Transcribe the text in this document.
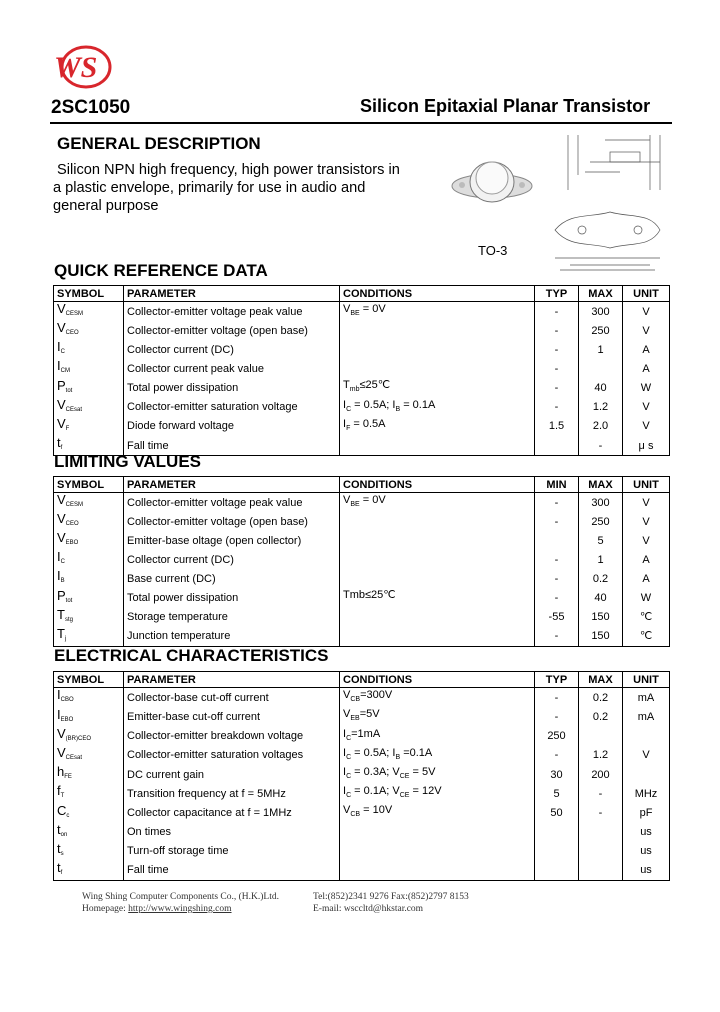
WS
2SC1050	Silicon Epitaxial Planar Transistor
GENERAL DESCRIPTION

Silicon NPN high frequency, high power transistors in

a plastic envelope, primarily for use in audio and

general purpose

TO-3
QUICK REFERENCE DATA
SYMBOL	PARAMETER	CONDITIONS	TYP	MAX	UNIT
$V_{CESM}$	Collector-emitter voltage peak value	$V_{BE} = 0V$	-	300	V
$V_{CEO}$	Collector-emitter voltage (open base)		-	250	V
$I_C$	Collector current (DC)		-	1	A
$I_{CM}$	Collector current peak value		-		A
$P_{tot}$	Total power dissipation	$T_{mb}\le 25℃$	-	40	W
$V_{CEsat}$	Collector-emitter saturation voltage	$I_C = 0.5A$; $I_B = 0.1A$	-	1.2	V
$V_F$	Diode forward voltage	$I_F = 0.5A$	1.5	2.0	V
$t_f$	Fall time			-	μ s
LIMITING VALUES
SYMBOL	PARAMETER	CONDITIONS	MIN	MAX	UNIT
$V_{CESM}$	Collector-emitter voltage peak value	$V_{BE} = 0V$	-	300	V
$V_{CEO}$	Collector-emitter voltage (open base)		-	250	V
$V_{EBO}$	Emitter-base oltage (open collector)			5	V
$I_C$	Collector current (DC)		-	1	A
$I_B$	Base current (DC)		-	0.2	A
$P_{tot}$	Total power dissipation	Tmb≤25℃	-	40	W
$T_{stg}$	Storage temperature		-55	150	℃
$T_j$	Junction temperature		-	150	℃
ELECTRICAL CHARACTERISTICS
SYMBOL	PARAMETER	CONDITIONS	TYP	MAX	UNIT
$I_{CBO}$	Collector-base cut-off current	$V_{CB}=300V$	-	0.2	mA
$I_{EBO}$	Emitter-base cut-off current	$V_{EB}=5V$	-	0.2	mA
$V_{(BR)CEO}$	Collector-emitter breakdown voltage	$I_C=1mA$	250		
$V_{CEsat}$	Collector-emitter saturation voltages	$I_C = 0.5A$; $I_B =0.1A$	-	1.2	V
$h_{FE}$	DC current gain	$I_C = 0.3A$; $V_{CE} = 5V$	30	200	
$f_T$	Transition frequency at f = 5MHz	$I_C = 0.1A$; $V_{CE} = 12V$	5	-	MHz
$C_c$	Collector capacitance at f = 1MHz	$V_{CB} = 10V$	50	-	pF
$t_{on}$	On times				us
$t_s$	Turn-off storage time				us
$t_f$	Fall time				us
Wing Shing Computer Components Co., (H.K.)Ltd.
Homepage: http://www.wingshing.com
Tel:(852)2341 9276 Fax:(852)2797 8153
E-mail: wsccltd@hkstar.com
